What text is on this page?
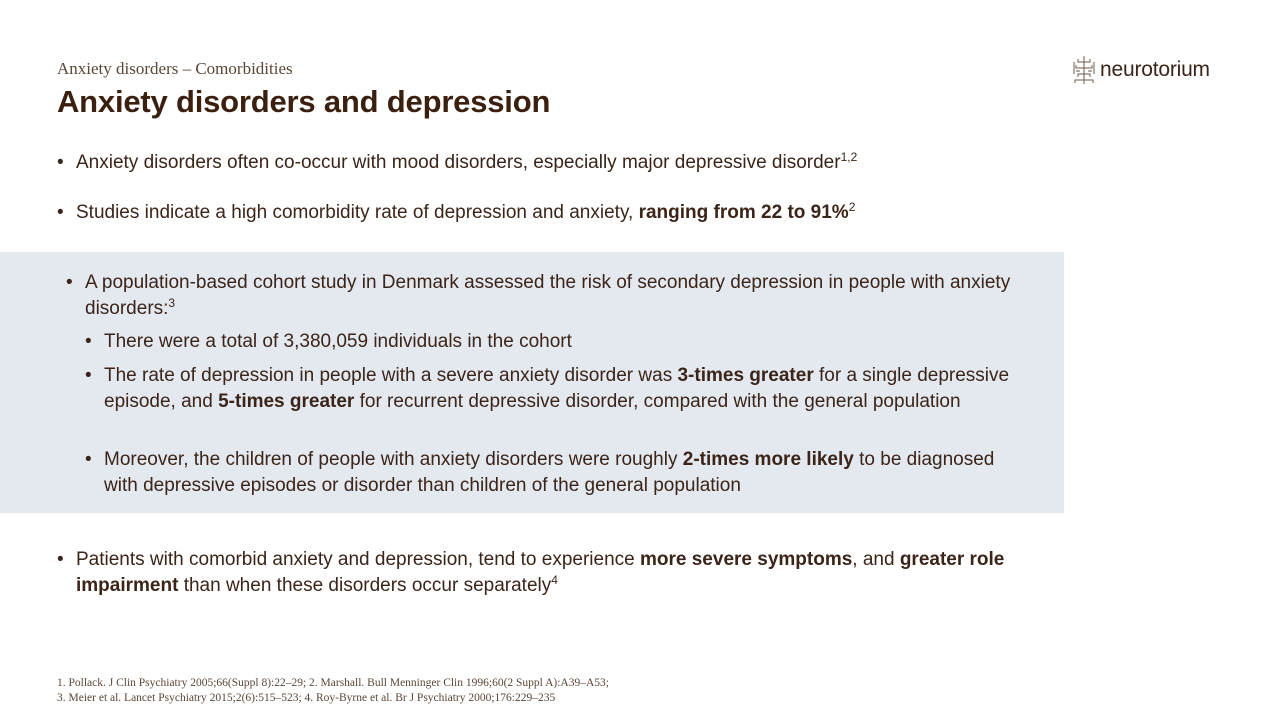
Anxiety disorders – Comorbidities
Anxiety disorders and depression
neurotorium
• Anxiety disorders often co-occur with mood disorders, especially major depressive disorder$^{1,2}$
• Studies indicate a high comorbidity rate of depression and anxiety, ranging from 22 to 91%$^2$
• A population-based cohort study in Denmark assessed the risk of secondary depression in people with anxiety disorders:$^3$
• There were a total of 3,380,059 individuals in the cohort
• The rate of depression in people with a severe anxiety disorder was 3-times greater for a single depressive episode, and 5-times greater for recurrent depressive disorder, compared with the general population
• Moreover, the children of people with anxiety disorders were roughly 2-times more likely to be diagnosed with depressive episodes or disorder than children of the general population
• Patients with comorbid anxiety and depression, tend to experience more severe symptoms, and greater role impairment than when these disorders occur separately$^4$
1. Pollack. J Clin Psychiatry 2005;66(Suppl 8):22–29; 2. Marshall. Bull Menninger Clin 1996;60(2 Suppl A):A39–A53;
3. Meier et al. Lancet Psychiatry 2015;2(6):515–523; 4. Roy-Byrne et al. Br J Psychiatry 2000;176:229–235
